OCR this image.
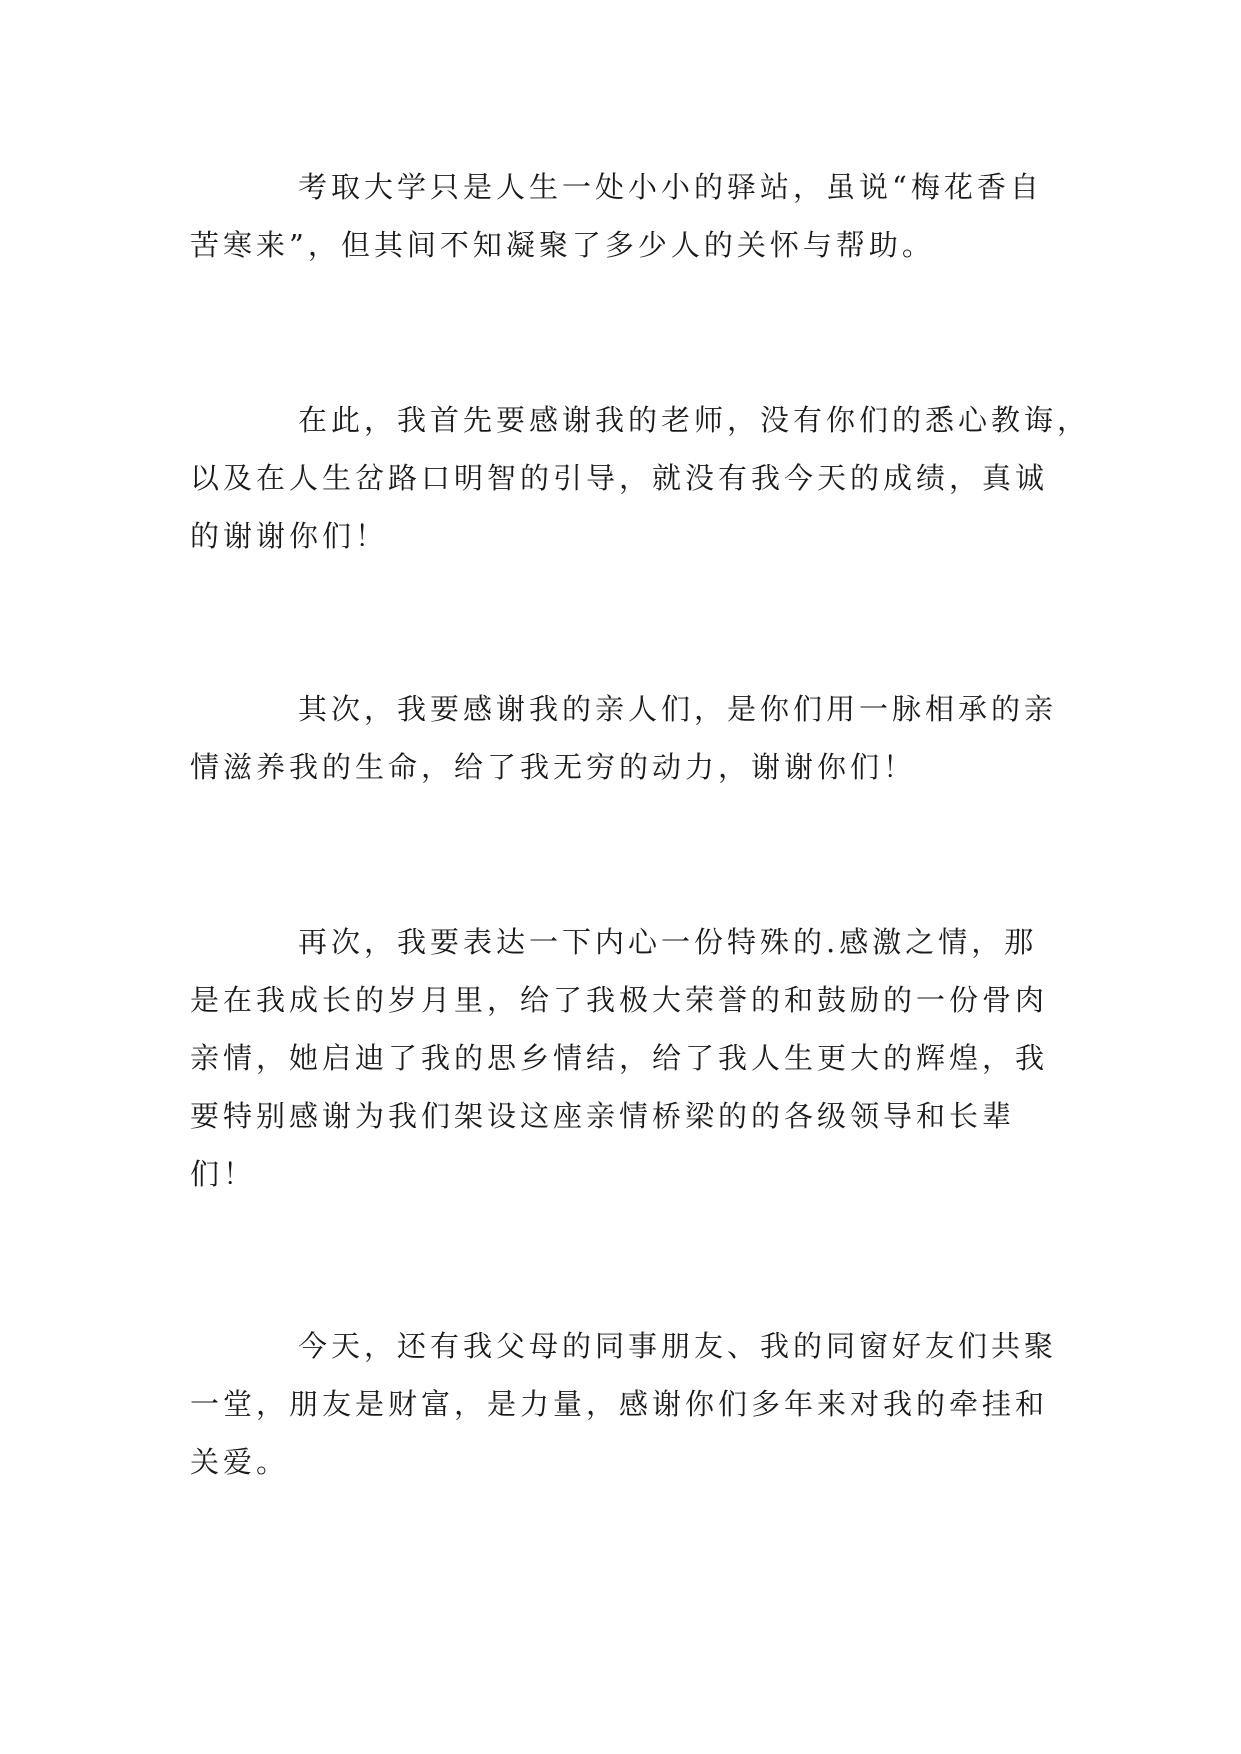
考取大学只是人生一处小小的驿站，虽说“梅花香自
苦寒来”，但其间不知凝聚了多少人的关怀与帮助。
在此，我首先要感谢我的老师，没有你们的悉心教诲，
以及在人生岔路口明智的引导，就没有我今天的成绩，真诚
的谢谢你们！
其次，我要感谢我的亲人们，是你们用一脉相承的亲
情滋养我的生命，给了我无穷的动力，谢谢你们！
再次，我要表达一下内心一份特殊的.感激之情，那
是在我成长的岁月里，给了我极大荣誉的和鼓励的一份骨肉
亲情，她启迪了我的思乡情结，给了我人生更大的辉煌，我
要特别感谢为我们架设这座亲情桥梁的的各级领导和长辈
们！
今天，还有我父母的同事朋友、我的同窗好友们共聚
一堂，朋友是财富，是力量，感谢你们多年来对我的牵挂和
关爱。
